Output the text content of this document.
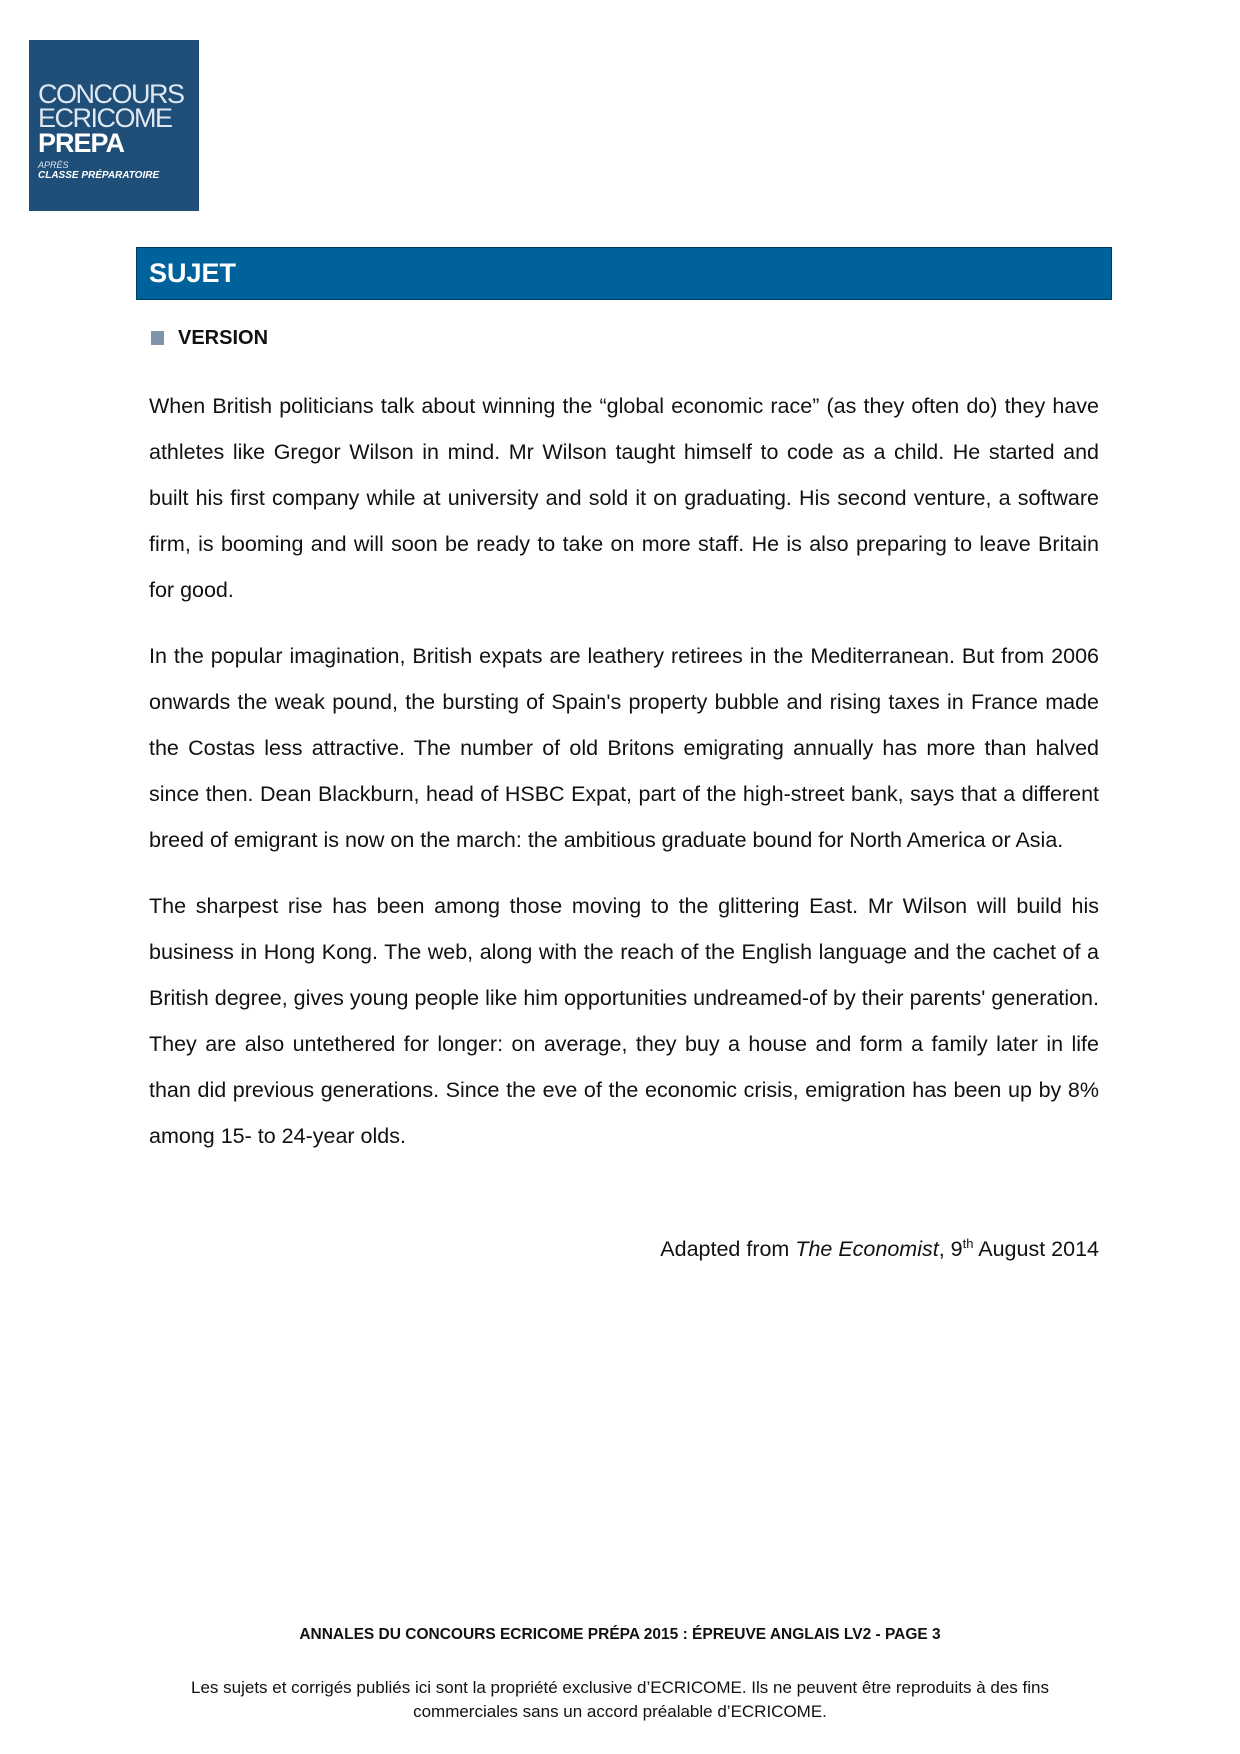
CONCOURS
ECRICOME
PREPA
APRÈS
CLASSE PRÉPARATOIRE
SUJET
VERSION

When British politicians talk about winning the “global economic race” (as they often do) they have athletes like Gregor Wilson in mind. Mr Wilson taught himself to code as a child. He started and built his first company while at university and sold it on graduating. His second venture, a software firm, is booming and will soon be ready to take on more staff. He is also preparing to leave Britain for good.

In the popular imagination, British expats are leathery retirees in the Mediterranean. But from 2006 onwards the weak pound, the bursting of Spain's property bubble and rising taxes in France made the Costas less attractive. The number of old Britons emigrating annually has more than halved since then. Dean Blackburn, head of HSBC Expat, part of the high-street bank, says that a different breed of emigrant is now on the march: the ambitious graduate bound for North America or Asia.

The sharpest rise has been among those moving to the glittering East. Mr Wilson will build his business in Hong Kong. The web, along with the reach of the English language and the cachet of a British degree, gives young people like him opportunities undreamed-of by their parents' generation. They are also untethered for longer: on average, they buy a house and form a family later in life than did previous generations. Since the eve of the economic crisis, emigration has been up by 8% among 15- to 24-year olds.

Adapted from The Economist, 9th August 2014
ANNALES DU CONCOURS ECRICOME PRÉPA 2015 : ÉPREUVE ANGLAIS LV2 - PAGE 3
Les sujets et corrigés publiés ici sont la propriété exclusive d’ECRICOME. Ils ne peuvent être reproduits à des fins commerciales sans un accord préalable d’ECRICOME.
